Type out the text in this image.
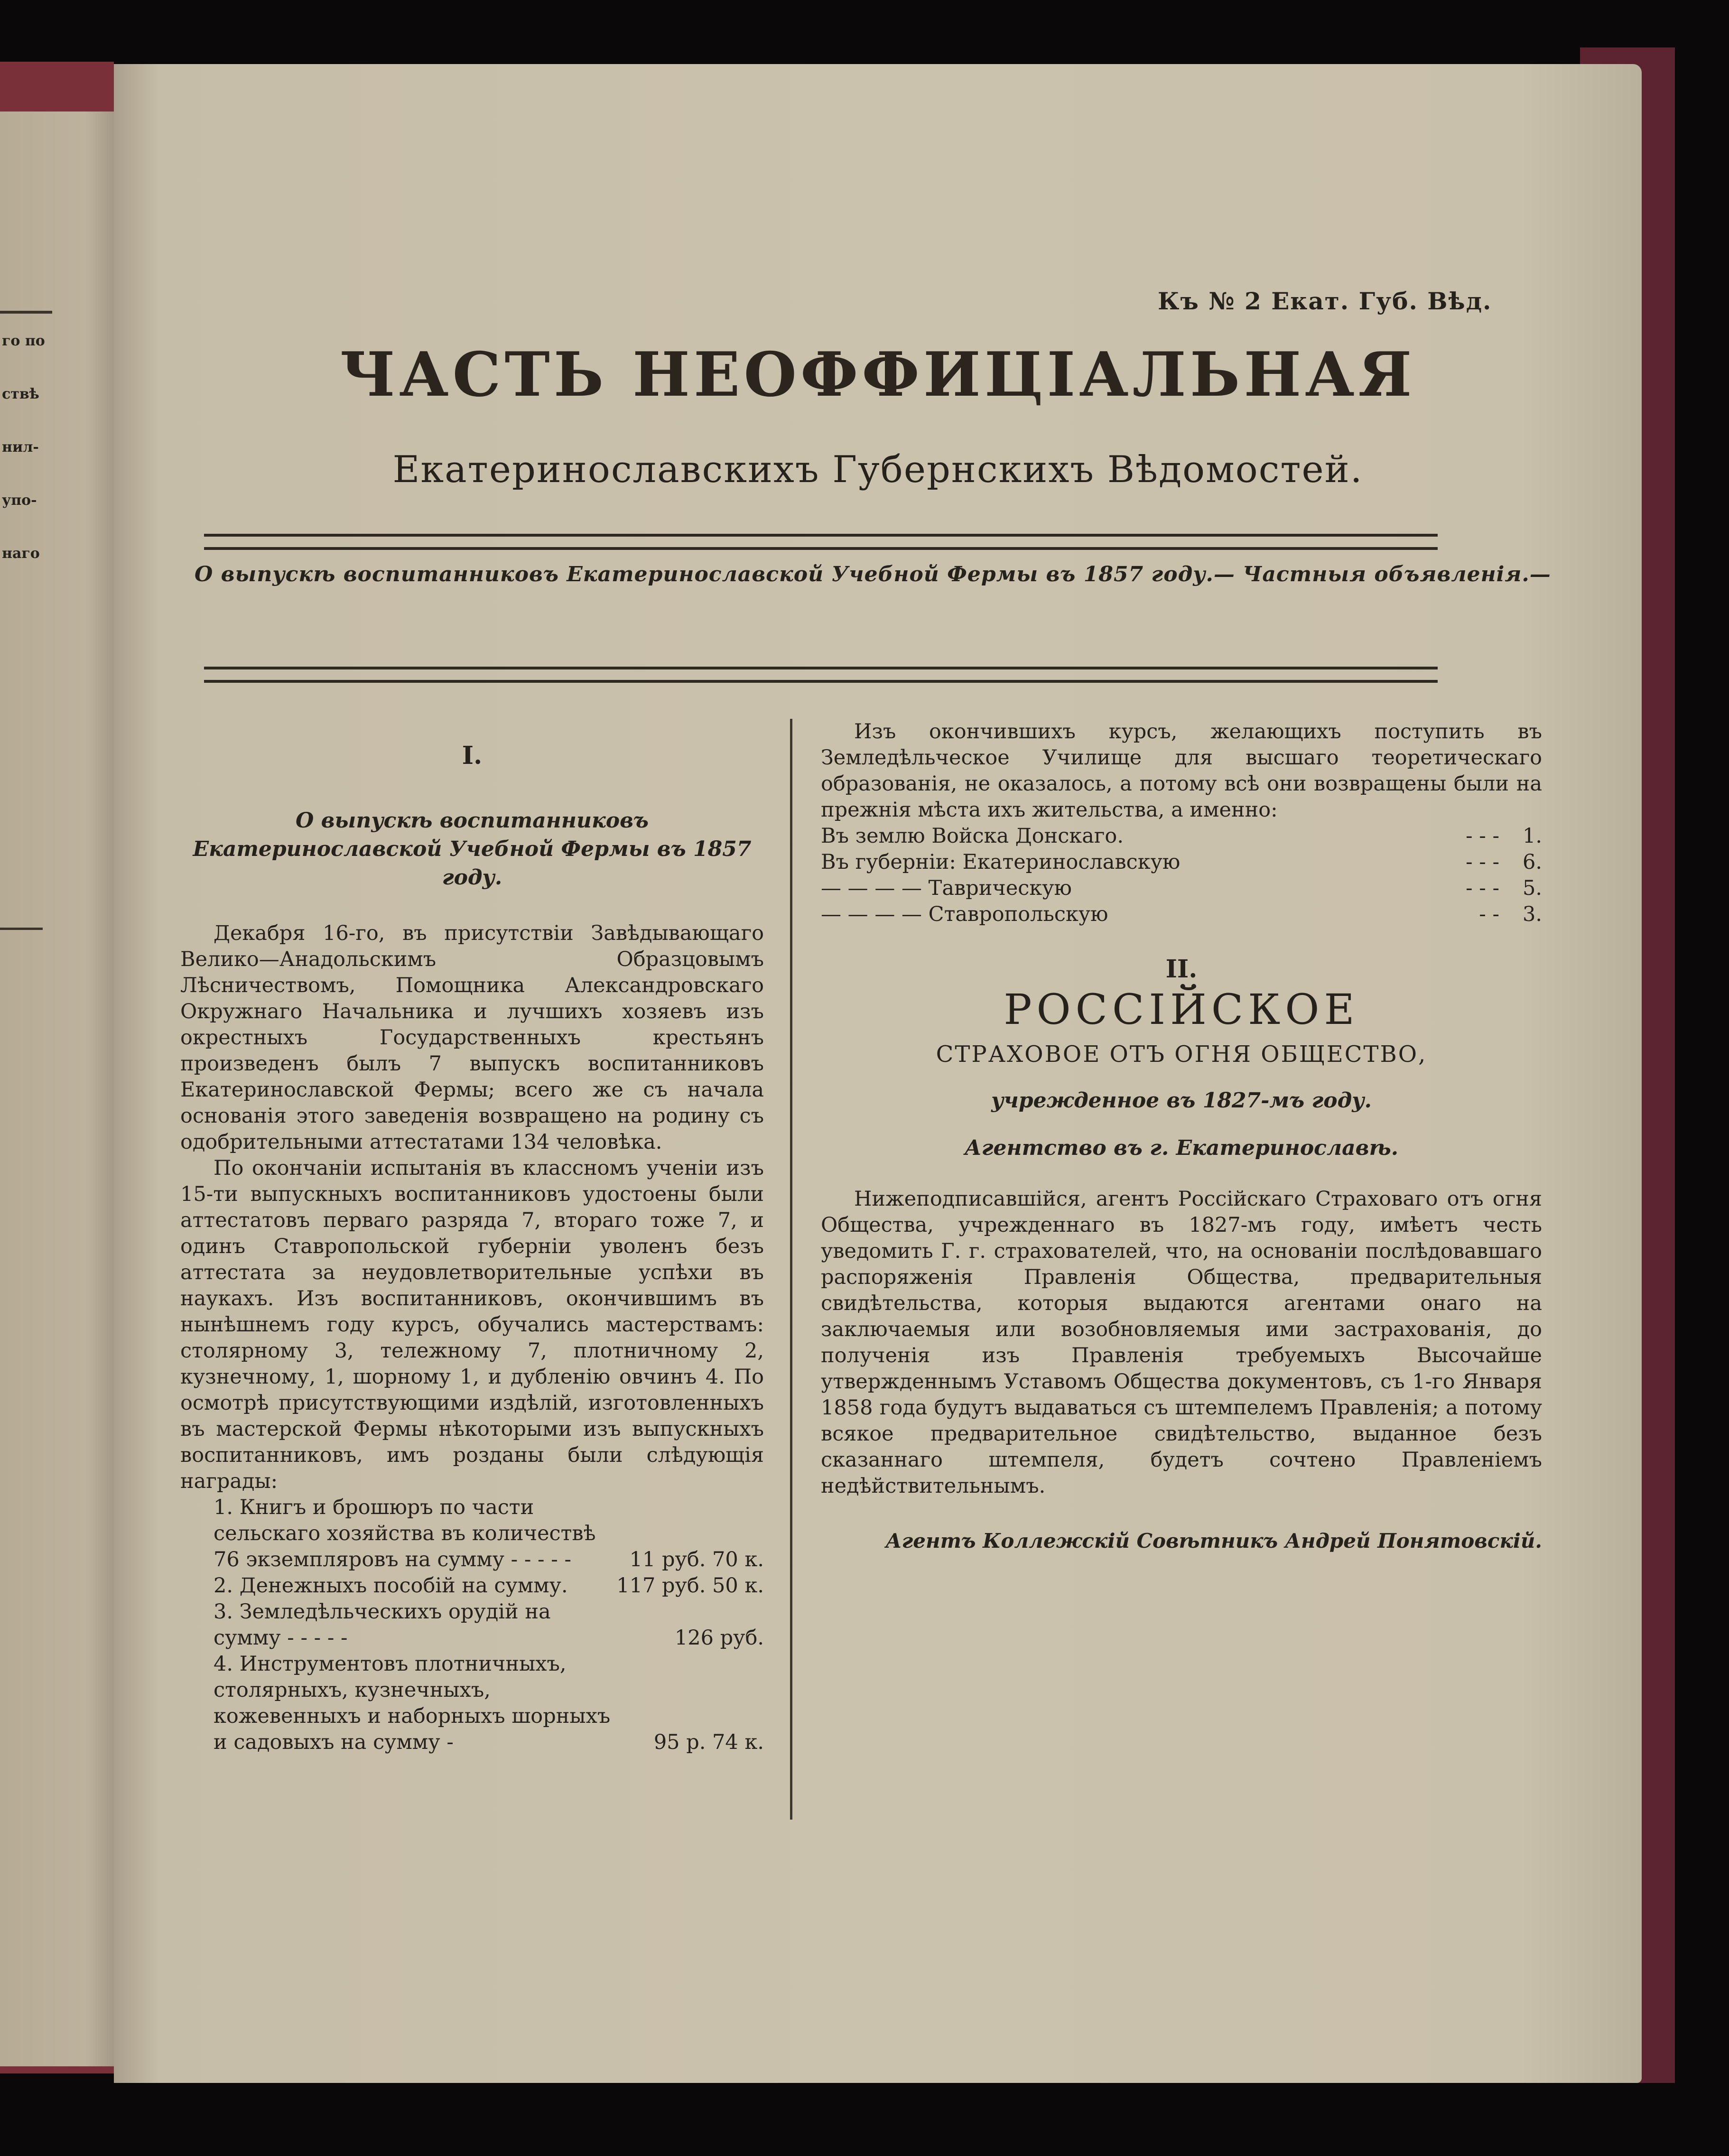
го по
ствѣ
нил-
упо-
наго
Къ № 2 Екат. Губ. Вѣд.
ЧАСТЬ НЕОФФИЦІАЛЬНАЯ
Екатеринославскихъ Губернскихъ Вѣдомостей.
О выпускѣ воспитанниковъ Екатеринославской Учебной Фермы въ 1857 году.— Частныя объявленія.—
I.
О выпускѣ воспитанниковъ Екатеринославской Учебной Фермы въ 1857 году.

Декабря 16-го, въ присутствіи Завѣдывающаго Велико—Анадольскимъ Образцовымъ Лѣсничествомъ, Помощника Александровскаго Окружнаго Начальника и лучшихъ хозяевъ изъ окрестныхъ Государственныхъ крестьянъ произведенъ былъ 7 выпускъ воспитанниковъ Екатеринославской Фермы; всего же съ начала основанія этого заведенія возвращено на родину съ одобрительными аттестатами 134 человѣка.

По окончаніи испытанія въ классномъ ученіи изъ 15-ти выпускныхъ воспитанниковъ удостоены были аттестатовъ перваго разряда 7, втораго тоже 7, и одинъ Ставропольской губерніи уволенъ безъ аттестата за неудовлетворительные успѣхи въ наукахъ. Изъ воспитанниковъ, окончившимъ въ нынѣшнемъ году курсъ, обучались мастерствамъ: столярному 3, тележному 7, плотничному 2, кузнечному, 1, шорному 1, и дубленію овчинъ 4. По осмотрѣ присутствующими издѣлій, изготовленныхъ въ мастерской Фермы нѣкоторыми изъ выпускныхъ воспитанниковъ, имъ розданы были слѣдующія награды:

1. Книгъ и брошюръ по части сельскаго хозяйства въ количествѣ 76 экземпляровъ на сумму - - - - -	11 руб. 70 к.
2. Денежныхъ пособій на сумму.	117 руб. 50 к.
3. Земледѣльческихъ орудій на сумму - - - - -	126 руб.
4. Инструментовъ плотничныхъ, столярныхъ, кузнечныхъ, кожевенныхъ и наборныхъ шорныхъ и садовыхъ на сумму -	95 р. 74 к.

Изъ окончившихъ курсъ, желающихъ поступить въ Земледѣльческое Училище для высшаго теоретическаго образованія, не оказалось, а потому всѣ они возвращены были на прежнія мѣста ихъ жительства, а именно:

Въ землю Войска Донскаго.	- - -	1.
Въ губерніи: Екатеринославскую	- - -	6.
— — — — Таврическую	- - -	5.
— — — — Ставропольскую	- -	3.
II.
РОССІЙСКОЕ
СТРАХОВОЕ ОТЪ ОГНЯ ОБЩЕСТВО,
учрежденное въ 1827-мъ году.
Агентство въ г. Екатеринославѣ.

Нижеподписавшійся, агентъ Россійскаго Страховаго отъ огня Общества, учрежденнаго въ 1827-мъ году, имѣетъ честь уведомить Г. г. страхователей, что, на основаніи послѣдовавшаго распоряженія Правленія Общества, предварительныя свидѣтельства, которыя выдаются агентами онаго на заключаемыя или возобновляемыя ими застрахованія, до полученія изъ Правленія требуемыхъ Высочайше утвержденнымъ Уставомъ Общества документовъ, съ 1-го Января 1858 года будутъ выдаваться съ штемпелемъ Правленія; а потому всякое предварительное свидѣтельство, выданное безъ сказаннаго штемпеля, будетъ сочтено Правленіемъ недѣйствительнымъ.

Агентъ Коллежскій Совѣтникъ Андрей Понятовскій.
